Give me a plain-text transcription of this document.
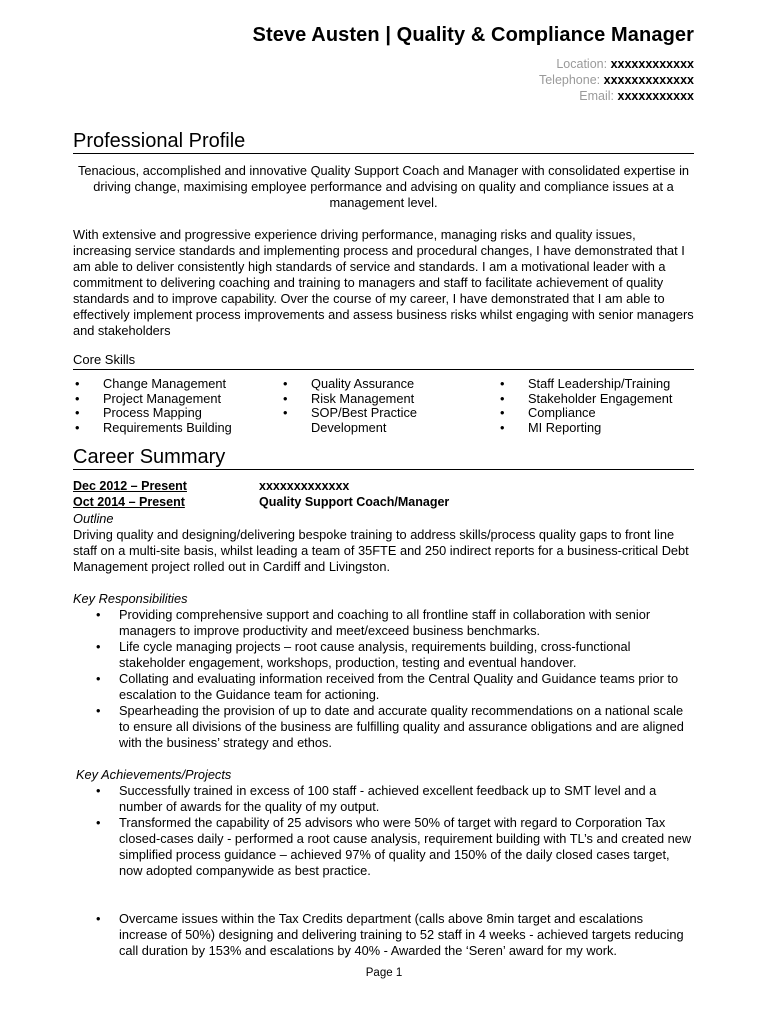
Steve Austen | Quality & Compliance Manager
Location: xxxxxxxxxxxx
Telephone: xxxxxxxxxxxxx
Email: xxxxxxxxxxx
Professional Profile

Tenacious, accomplished and innovative Quality Support Coach and Manager with consolidated expertise in driving change, maximising employee performance and advising on quality and compliance issues at a management level.

With extensive and progressive experience driving performance, managing risks and quality issues, increasing service standards and implementing process and procedural changes, I have demonstrated that I am able to deliver consistently high standards of service and standards. I am a motivational leader with a commitment to delivering coaching and training to managers and staff to facilitate achievement of quality standards and to improve capability. Over the course of my career, I have demonstrated that I am able to effectively implement process improvements and assess business risks whilst engaging with senior managers and stakeholders

Core Skills
• Change Management
• Project Management
• Process Mapping
• Requirements Building
• Quality Assurance
• Risk Management
• SOP/Best Practice Development
• Staff Leadership/Training
• Stakeholder Engagement
• Compliance
• MI Reporting
Career Summary
Dec 2012 – Present	xxxxxxxxxxxxx
Oct 2014 – Present	Quality Support Coach/Manager
Outline

Driving quality and designing/delivering bespoke training to address skills/process quality gaps to front line staff on a multi-site basis, whilst leading a team of 35FTE and 250 indirect reports for a business-critical Debt Management project rolled out in Cardiff and Livingston.

Key Responsibilities
• Providing comprehensive support and coaching to all frontline staff in collaboration with senior managers to improve productivity and meet/exceed business benchmarks.
• Life cycle managing projects – root cause analysis, requirements building, cross-functional stakeholder engagement, workshops, production, testing and eventual handover.
• Collating and evaluating information received from the Central Quality and Guidance teams prior to escalation to the Guidance team for actioning.
• Spearheading the provision of up to date and accurate quality recommendations on a national scale to ensure all divisions of the business are fulfilling quality and assurance obligations and are aligned with the business’ strategy and ethos.
Key Achievements/Projects
• Successfully trained in excess of 100 staff - achieved excellent feedback up to SMT level and a number of awards for the quality of my output.
• Transformed the capability of 25 advisors who were 50% of target with regard to Corporation Tax closed-cases daily - performed a root cause analysis, requirement building with TL’s and created new simplified process guidance – achieved 97% of quality and 150% of the daily closed cases target, now adopted companywide as best practice.
• Overcame issues within the Tax Credits department (calls above 8min target and escalations increase of 50%) designing and delivering training to 52 staff in 4 weeks - achieved targets reducing call duration by 153% and escalations by 40% - Awarded the ‘Seren’ award for my work.
Page 1
